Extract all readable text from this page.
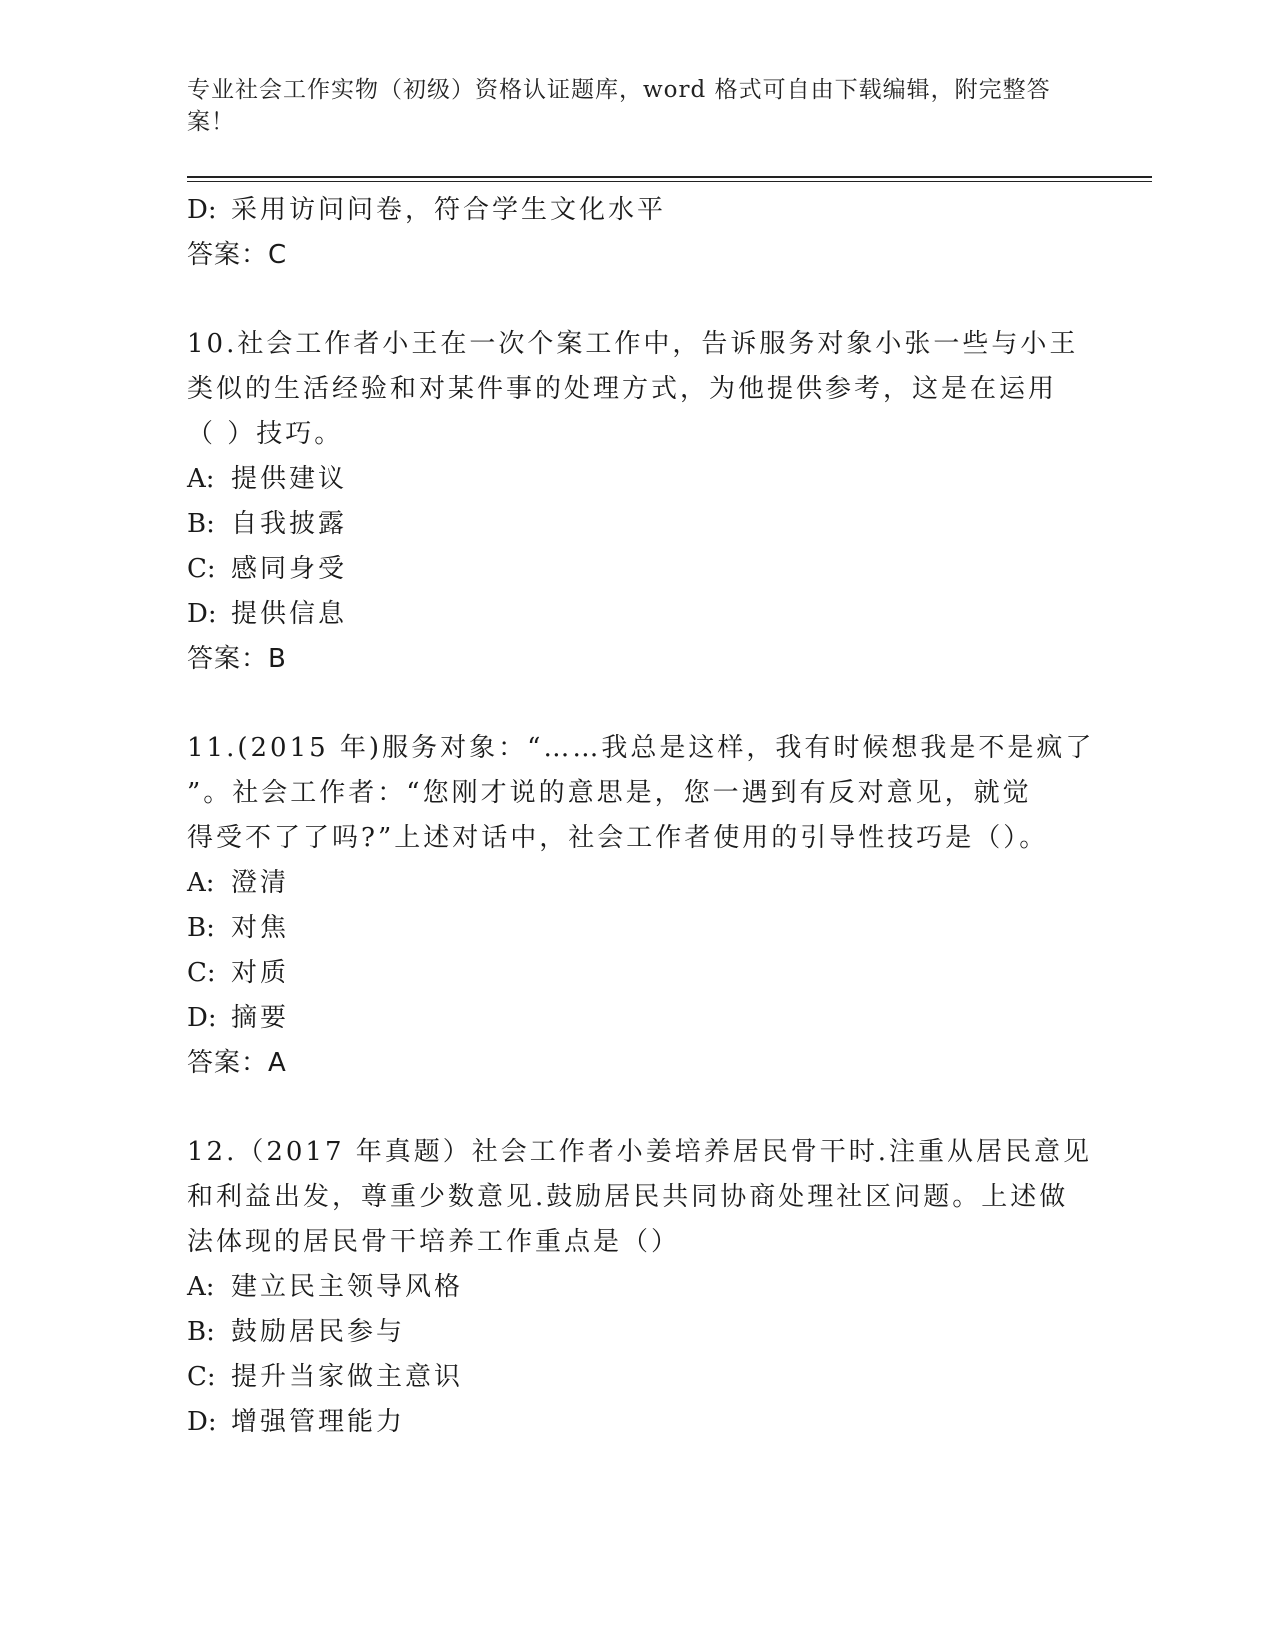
专业社会工作实物（初级）资格认证题库，word 格式可自由下载编辑，附完整答
案！
D: 采用访问问卷，符合学生文化水平
答案：C
10.社会工作者小王在一次个案工作中，告诉服务对象小张一些与小王
类似的生活经验和对某件事的处理方式，为他提供参考，这是在运用
（ ）技巧。
A: 提供建议
B: 自我披露
C: 感同身受
D: 提供信息
答案：B
11.(2015 年)服务对象：“……我总是这样，我有时候想我是不是疯了
”。社会工作者：“您刚才说的意思是，您一遇到有反对意见，就觉
得受不了了吗?”上述对话中，社会工作者使用的引导性技巧是（）。
A: 澄清
B: 对焦
C: 对质
D: 摘要
答案：A
12.（2017 年真题）社会工作者小姜培养居民骨干时.注重从居民意见
和利益出发，尊重少数意见.鼓励居民共同协商处理社区问题。上述做
法体现的居民骨干培养工作重点是（）
A: 建立民主领导风格
B: 鼓励居民参与
C: 提升当家做主意识
D: 增强管理能力
